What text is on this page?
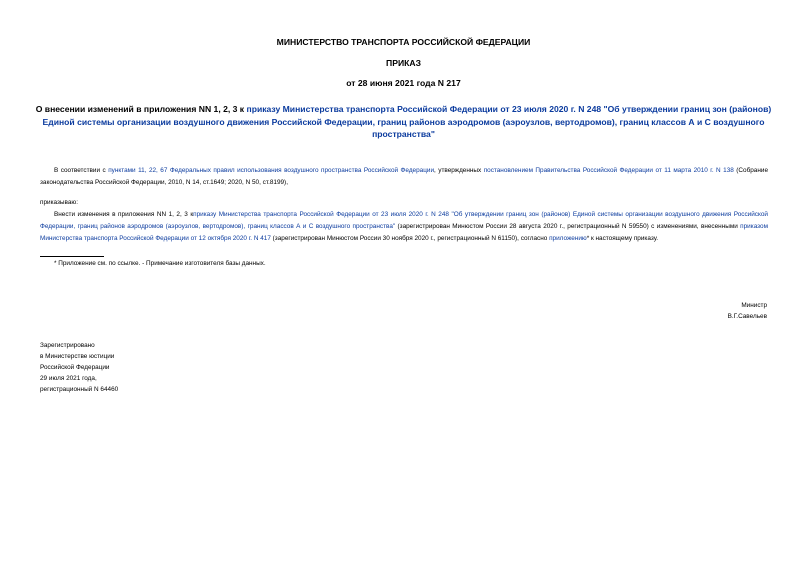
МИНИСТЕРСТВО ТРАНСПОРТА РОССИЙСКОЙ ФЕДЕРАЦИИ
ПРИКАЗ
от 28 июня 2021 года N 217
О внесении изменений в приложения NN 1, 2, 3 к приказу Министерства транспорта Российской Федерации от 23 июля 2020 г. N 248 "Об утверждении границ зон (районов) Единой системы организации воздушного движения Российской Федерации, границ районов аэродромов (аэроузлов, вертодромов), границ классов А и С воздушного пространства"
В соответствии с пунктами 11, 22, 67 Федеральных правил использования воздушного пространства Российской Федерации, утвержденных постановлением Правительства Российской Федерации от 11 марта 2010 г. N 138 (Собрание законодательства Российской Федерации, 2010, N 14, ст.1649; 2020, N 50, ст.8199),
приказываю:
Внести изменения в приложения NN 1, 2, 3 кприказу Министерства транспорта Российской Федерации от 23 июля 2020 г. N 248 "Об утверждении границ зон (районов) Единой системы организации воздушного движения Российской Федерации, границ районов аэродромов (аэроузлов, вертодромов), границ классов А и С воздушного пространства" (зарегистрирован Минюстом России 28 августа 2020 г., регистрационный N 59550) с изменениями, внесенными приказом Министерства транспорта Российской Федерации от 12 октября 2020 г. N 417 (зарегистрирован Минюстом России 30 ноября 2020 г., регистрационный N 61150), согласно приложению* к настоящему приказу.
* Приложение см. по ссылке. - Примечание изготовителя базы данных.
Министр
В.Г.Савельев
Зарегистрировано
в Министерстве юстиции
Российской Федерации
29 июля 2021 года,
регистрационный N 64460
